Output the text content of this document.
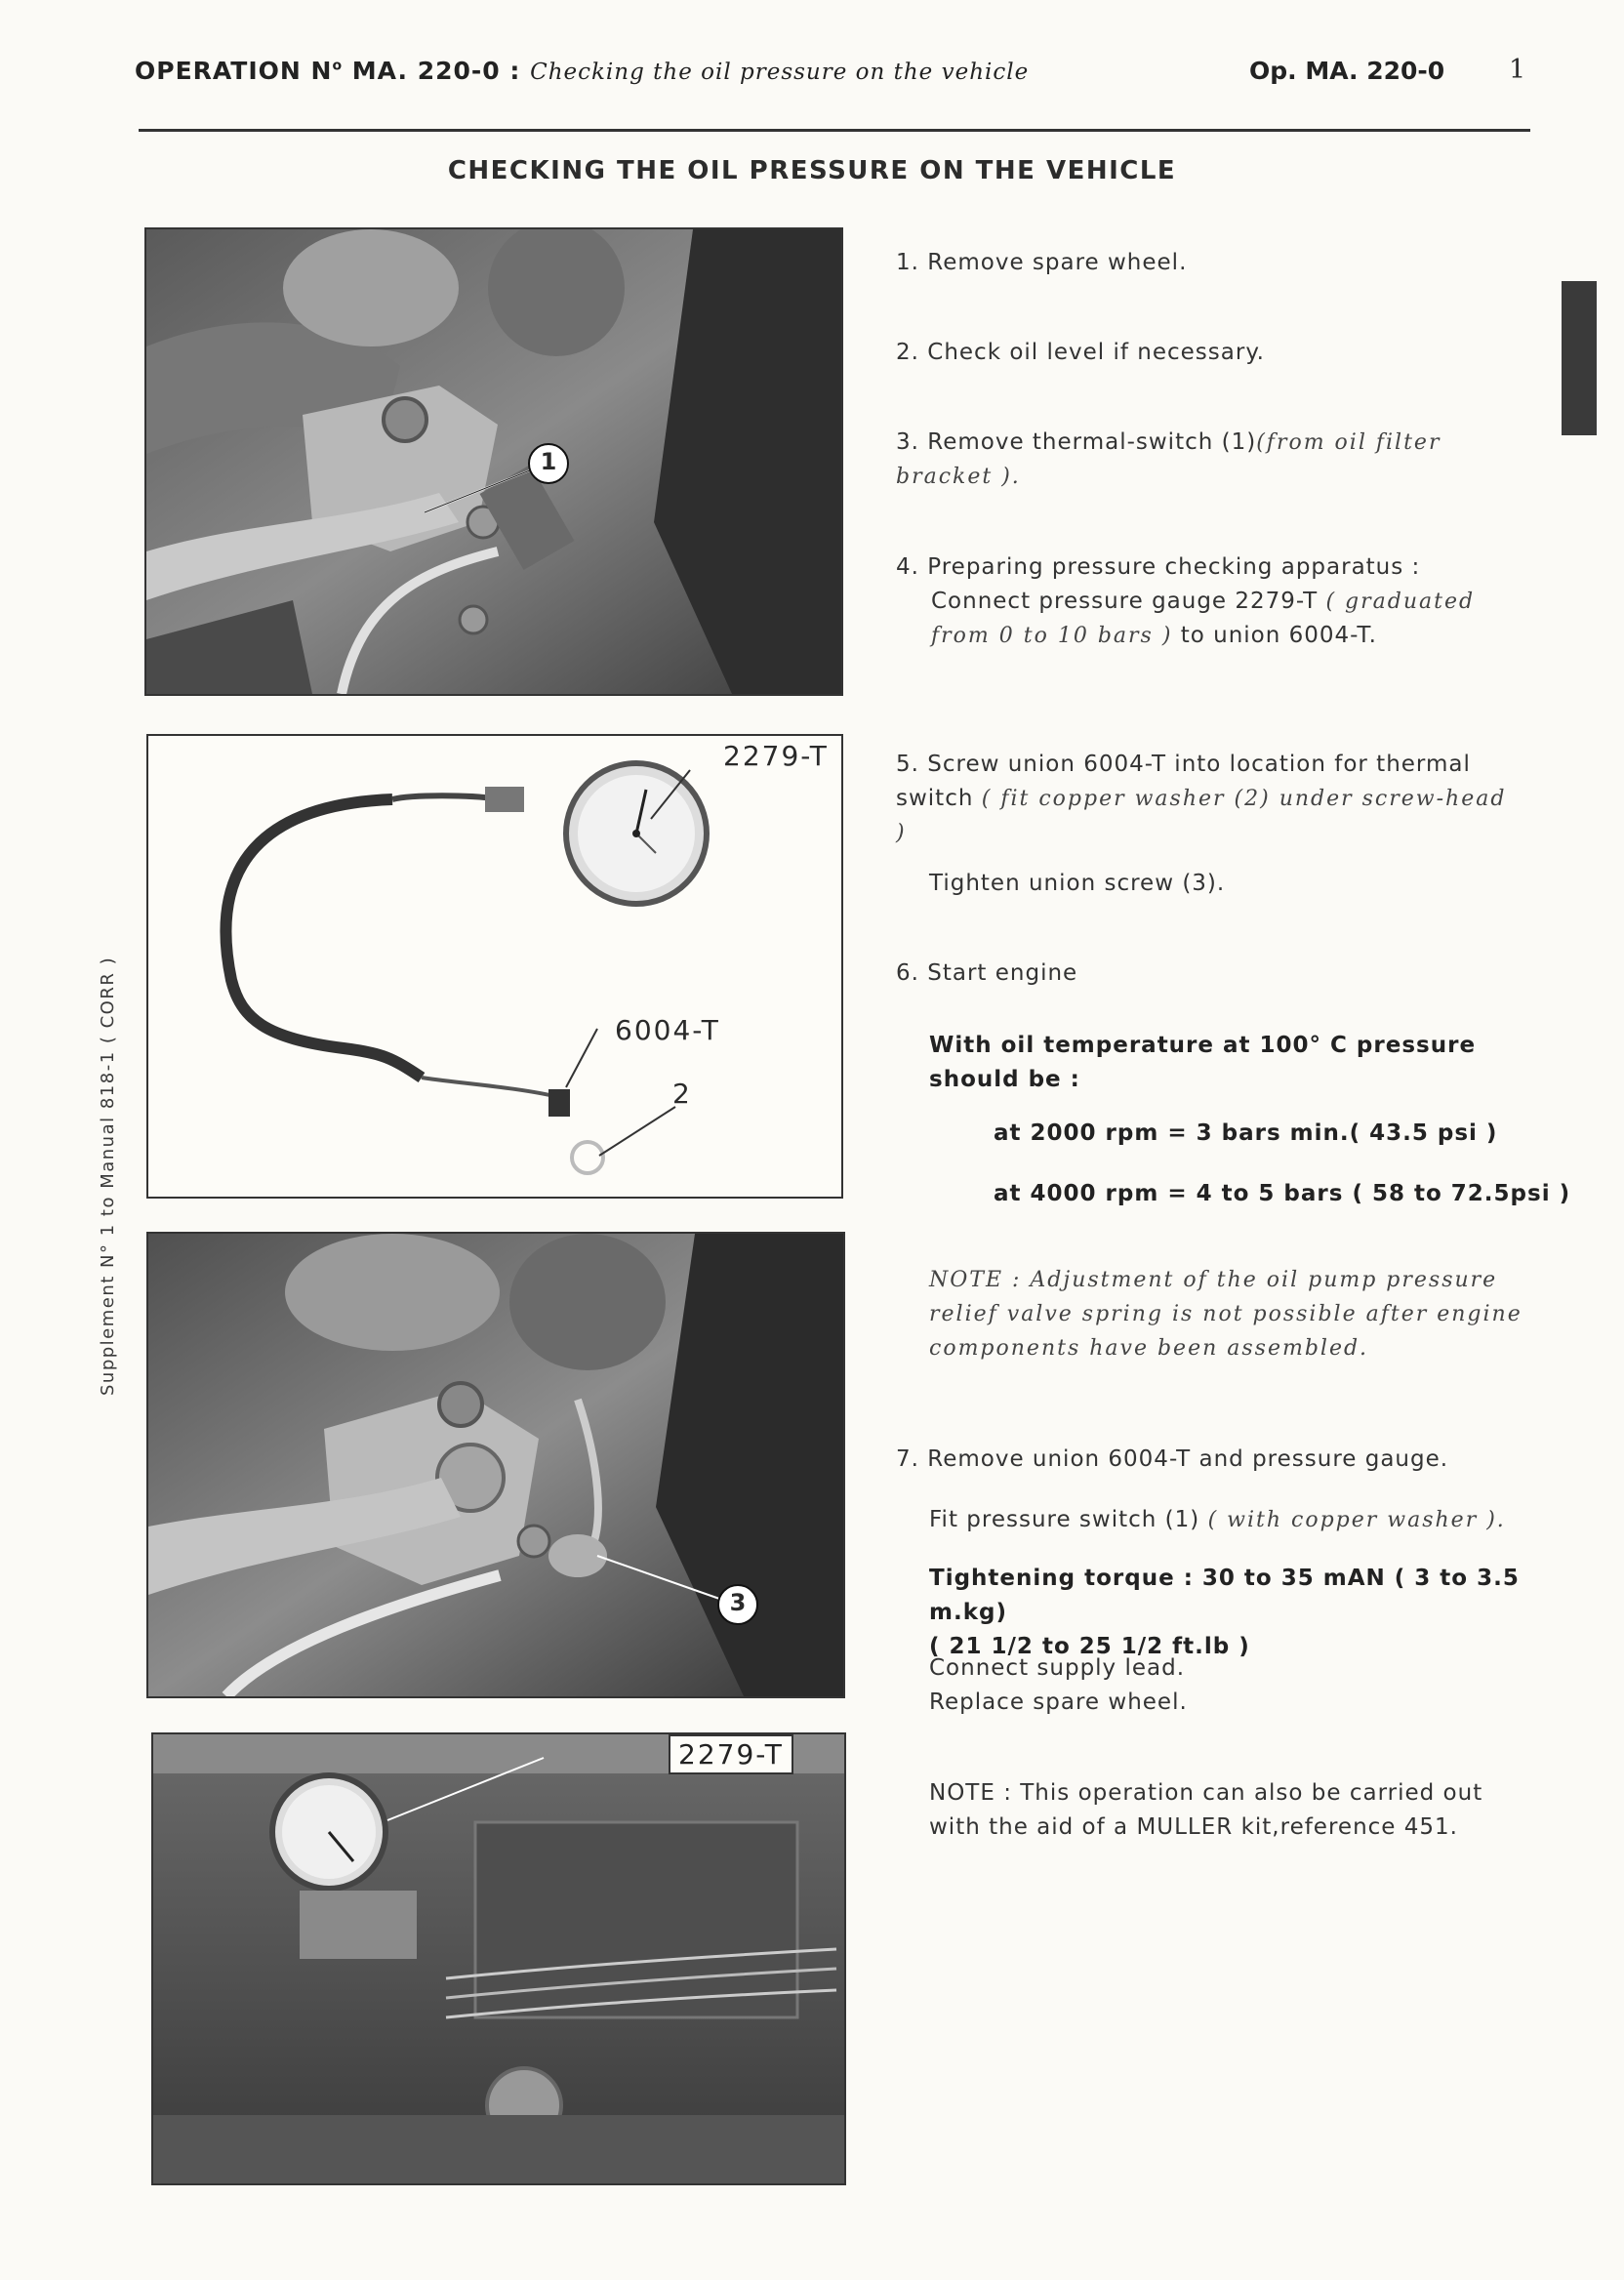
OPERATION $N^o$ MA. 220-0 : Checking the oil pressure on the vehicle	Op. MA. 220-0 1
CHECKING THE OIL PRESSURE ON THE VEHICLE
Supplement N° 1 to Manual 818-1 ( CORR )
1
2279-T
6004-T
2
3
2279-T
1. Remove spare wheel.
2. Check oil level if necessary.
3. Remove thermal-switch (1)(from oil filter bracket ).
4. Preparing pressure checking apparatus :
Connect pressure gauge 2279-T ( graduated from 0 to 10 bars ) to union 6004-T.
5. Screw union 6004-T into location for thermal switch ( fit copper washer (2) under screw-head )
Tighten union screw (3).
6. Start engine
With oil temperature at 100° C pressure should be :
at 2000 rpm = 3 bars min.( 43.5 psi )
at 4000 rpm = 4 to 5 bars ( 58 to 72.5psi )
NOTE : Adjustment of the oil pump pressure relief valve spring is not possible after engine components have been assembled.
7. Remove union 6004-T and pressure gauge.
Fit pressure switch (1) ( with copper washer ).
Tightening torque : 30 to 35 mAN ( 3 to 3.5 m.kg)
( 21 1/2 to 25 1/2 ft.lb )
Connect supply lead.
Replace spare wheel.
NOTE : This operation can also be carried out with the aid of a MULLER kit,reference 451.
